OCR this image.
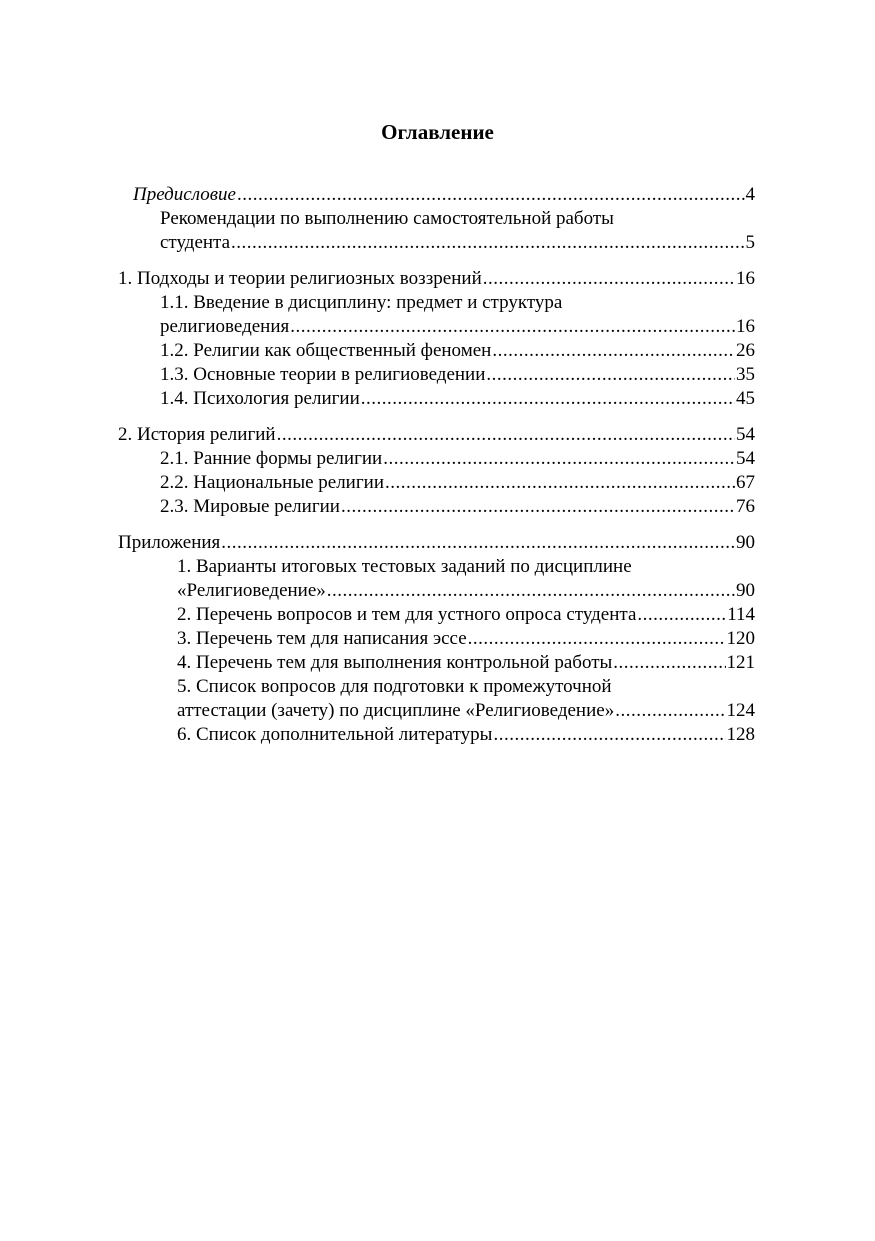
Оглавление
Предисловие .....	4
Рекомендации по выполнению самостоятельной работы
студента .....	5
1. Подходы и теории религиозных воззрений .....	16
1.1. Введение в дисциплину: предмет и структура
религиоведения .....	16
1.2. Религии как общественный феномен .....	26
1.3. Основные теории в религиоведении .....	35
1.4. Психология религии .....	45
2. История религий .....	54
2.1. Ранние формы религии .....	54
2.2. Национальные религии .....	67
2.3. Мировые религии .....	76
Приложения .....	90
1. Варианты итоговых тестовых заданий по дисциплине
«Религиоведение» .....	90
2. Перечень вопросов и тем для устного опроса студента .....	114
3. Перечень тем для написания эссе .....	120
4. Перечень тем для выполнения контрольной работы .....	121
5. Список вопросов для подготовки к промежуточной
аттестации (зачету) по дисциплине «Религиоведение» .....	124
6. Список дополнительной литературы .....	128
